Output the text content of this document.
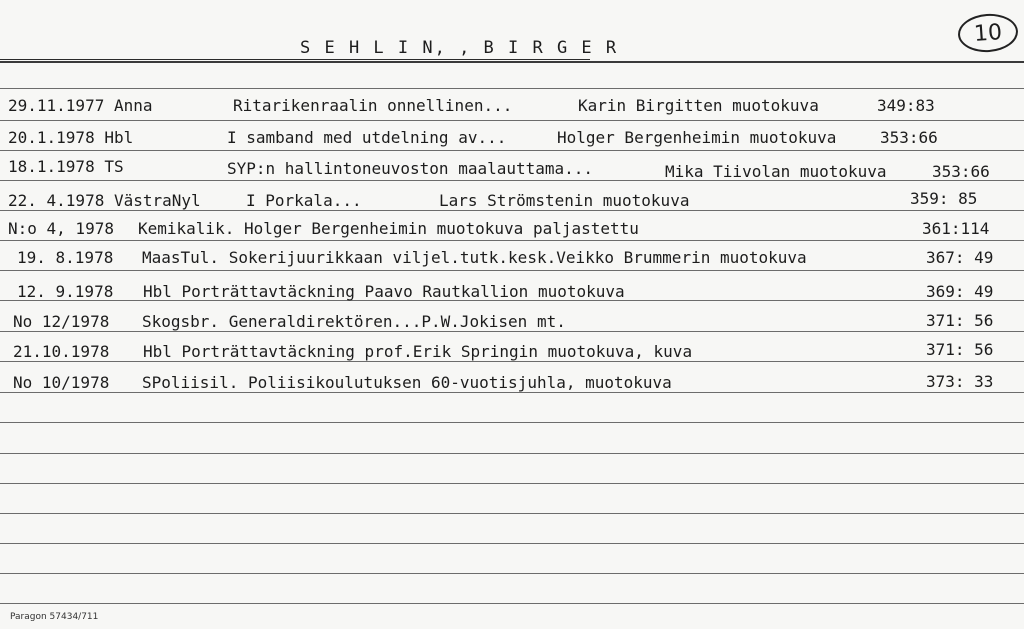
S E H L I N, , B I R G E R
10
29.11.1977 Anna	Ritarikenraalin onnellinen...	Karin Birgitten muotokuva	349:83
20.1.1978 Hbl	I samband med utdelning av...	Holger Bergenheimin muotokuva	353:66
18.1.1978 TS	SYP:n hallintoneuvoston maalauttama...	Mika Tiivolan muotokuva	353:66
22. 4.1978 VästraNyl	I Porkala...	Lars Strömstenin muotokuva	359: 85
N:o 4, 1978 Kemikalik. Holger Bergenheimin muotokuva paljastettu	361:114
19. 8.1978 MaasTul. Sokerijuurikkaan viljel.tutk.kesk.Veikko Brummerin muotokuva	367: 49
12. 9.1978 Hbl Porträttavtäckning Paavo Rautkallion muotokuva	369: 49
No 12/1978 Skogsbr. Generaldirektören...P.W.Jokisen mt.	371: 56
21.10.1978 Hbl Porträttavtäckning prof.Erik Springin muotokuva, kuva	371: 56
No 10/1978 SPoliisil. Poliisikoulutuksen 60-vuotisjuhla, muotokuva	373: 33
Paragon 57434/711
